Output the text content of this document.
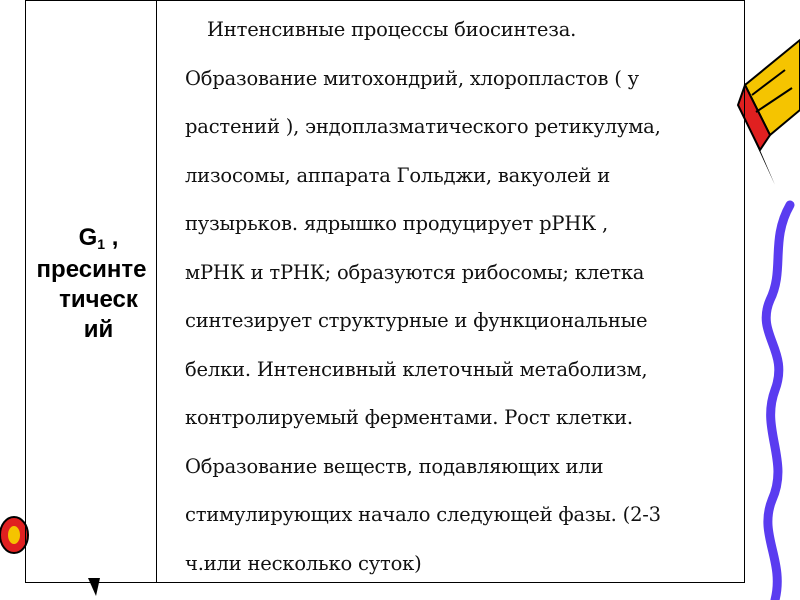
$G_1$ ,
пресинте
тическ
ий
Интенсивные процессы биосинтеза.
Образование митохондрий, хлоропластов ( у
растений ), эндоплазматического ретикулума,
лизосомы, аппарата Гольджи, вакуолей и
пузырьков. ядрышко продуцирует рРНК ,
мРНК и тРНК; образуются рибосомы; клетка
синтезирует структурные и функциональные
белки. Интенсивный клеточный метаболизм,
контролируемый ферментами. Рост клетки.
Образование веществ, подавляющих или
стимулирующих начало следующей фазы. (2-3
ч.или несколько суток)
